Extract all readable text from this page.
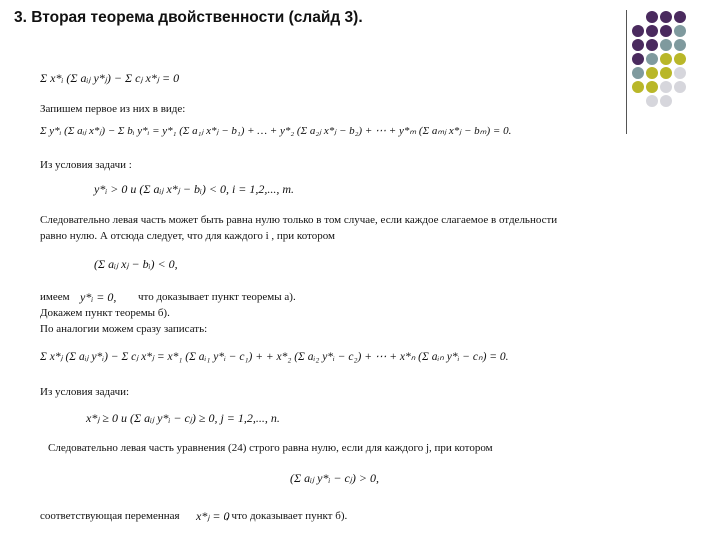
3. Вторая теорема двойственности (слайд 3).
Σ x*ᵢ (Σ aᵢⱼ y*ⱼ) − Σ cⱼ x*ⱼ = 0
Запишем первое из них в виде:
Σ y*ᵢ (Σ aᵢⱼ x*ⱼ) − Σ bᵢ y*ᵢ = y*₁ (Σ a₁ⱼ x*ⱼ − b₁) + … + y*₂ (Σ a₂ⱼ x*ⱼ − b₂) + ⋯ + y*ₘ (Σ aₘⱼ x*ⱼ − bₘ) = 0.
Из условия задачи :
y*ᵢ > 0 и (Σ aᵢⱼ x*ⱼ − bᵢ) < 0, i = 1,2,..., m.
Следовательно левая часть может быть равна нулю только в том случае, если каждое слагаемое в отдельности
равно нулю. А отсюда следует, что для каждого i , при котором
(Σ aᵢⱼ xⱼ − bᵢ) < 0,
имеем y*ᵢ = 0, что доказывает пункт теоремы а).
Докажем пункт теоремы б).
По аналогии можем сразу записать:
Σ x*ⱼ (Σ aᵢⱼ y*ᵢ) − Σ cⱼ x*ⱼ = x*₁ (Σ aᵢ₁ y*ᵢ − c₁) + + x*₂ (Σ aᵢ₂ y*ᵢ − c₂) + ⋯ + x*ₙ (Σ aᵢₙ y*ᵢ − cₙ) = 0.
Из условия задачи:
x*ⱼ ≥ 0 и (Σ aᵢⱼ y*ᵢ − cⱼ) ≥ 0, j = 1,2,..., n.
Следовательно левая часть уравнения (24) строго равна нулю, если для каждого j, при котором
(Σ aᵢⱼ y*ᵢ − cⱼ) > 0,
соответствующая переменная x*ⱼ = 0
, что доказывает пункт б).
